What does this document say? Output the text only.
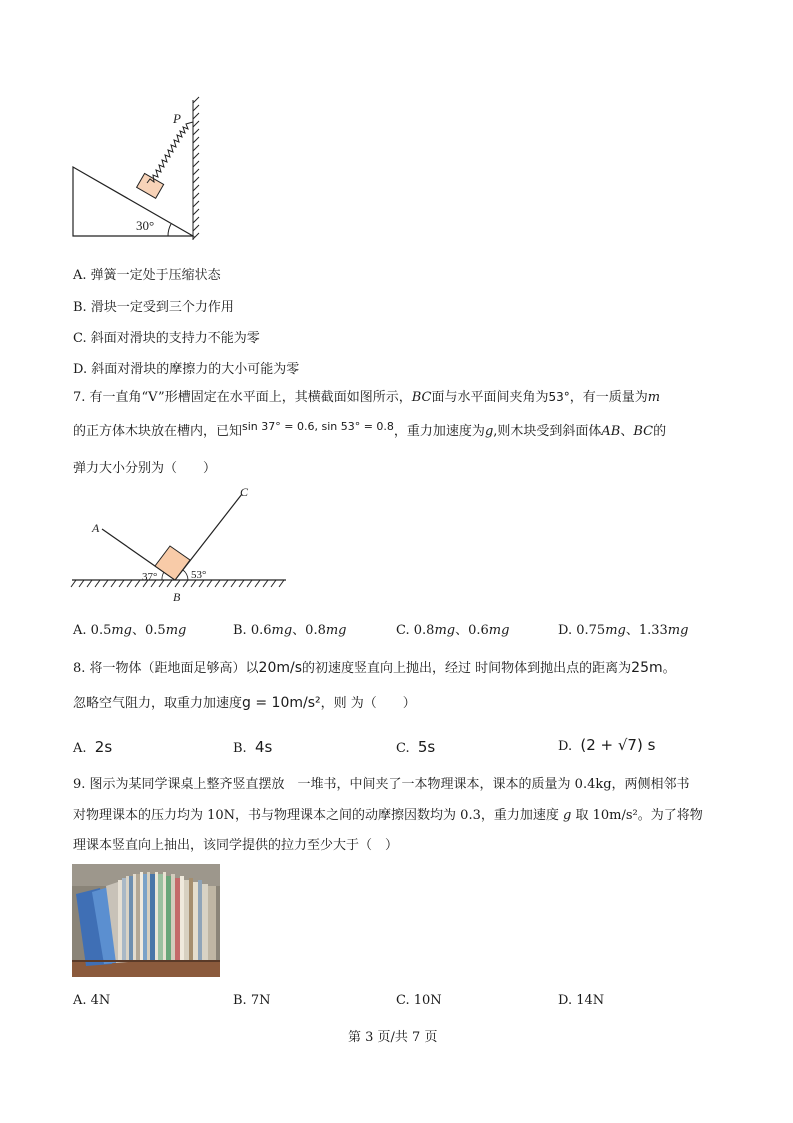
P
30°
A. 弹簧一定处于压缩状态
B. 滑块一定受到三个力作用
C. 斜面对滑块的支持力不能为零
D. 斜面对滑块的摩擦力的大小可能为零
7. 有一直角“V”形槽固定在水平面上，其横截面如图所示，BC面与水平面间夹角为53°，有一质量为m
的正方体木块放在槽内，已知$^{sin 37^\circ = 0.6, sin 53^\circ = 0.8}$，重力加速度为g,则木块受到斜面体AB、BC的
弹力大小分别为（　　）
A
C
B
37°	53°
A. 0.5mg、0.5mg	B. 0.6mg、0.8mg	C. 0.8mg、0.6mg	D. 0.75mg、1.33mg
8. 将一物体（距地面足够高）以20m/s的初速度竖直向上抛出，经过 时间物体到抛出点的距离为25m。
忽略空气阻力，取重力加速度g = 10m/s²，则 为（　　）
A. 2s	B. 4s	C. 5s	D. (2 + √7) s
9. 图示为某同学课桌上整齐竖直摆放　一堆书，中间夹了一本物理课本，课本的质量为 0.4kg，两侧相邻书
对物理课本的压力均为 10N，书与物理课本之间的动摩擦因数均为 0.3，重力加速度 g 取 10m/s²。为了将物
理课本竖直向上抽出，该同学提供的拉力至少大于（　）
A. 4N	B. 7N	C. 10N	D. 14N
第 3 页/共 7 页
